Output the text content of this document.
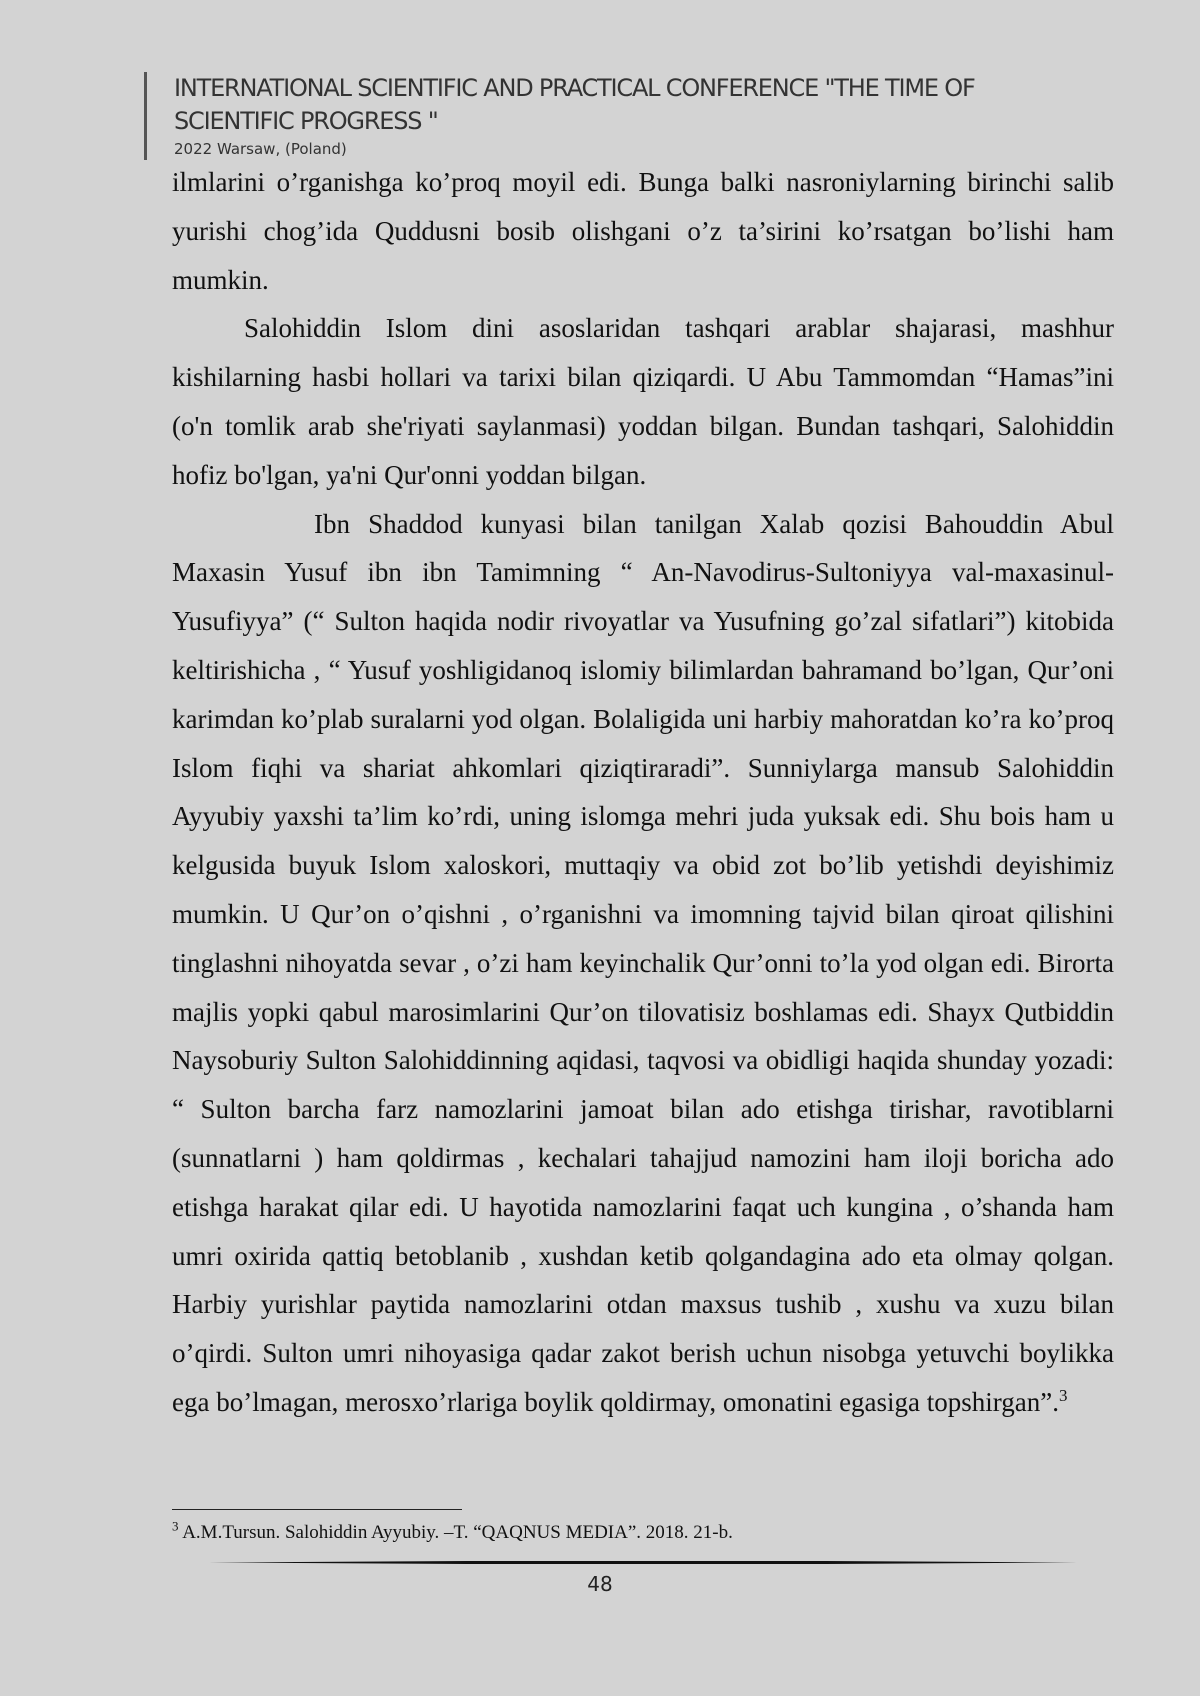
INTERNATIONAL SCIENTIFIC AND PRACTICAL CONFERENCE "THE TIME OF SCIENTIFIC PROGRESS "

2022 Warsaw, (Poland)

ilmlarini o’rganishga ko’proq moyil edi. Bunga balki nasroniylarning birinchi salib yurishi chog’ida Quddusni bosib olishgani o’z ta’sirini ko’rsatgan bo’lishi ham mumkin.

Salohiddin Islom dini asoslaridan tashqari arablar shajarasi, mashhur kishilarning hasbi hollari va tarixi bilan qiziqardi. U Abu Tammomdan “Hamas”ini (o'n tomlik arab she'riyati saylanmasi) yoddan bilgan. Bundan tashqari, Salohiddin hofiz bo'lgan, ya'ni Qur'onni yoddan bilgan.

Ibn Shaddod kunyasi bilan tanilgan Xalab qozisi Bahouddin Abul Maxasin Yusuf ibn ibn Tamimning “ An-Navodirus-Sultoniyya val-maxasinul-Yusufiyya” (“ Sulton haqida nodir rivoyatlar va Yusufning go’zal sifatlari”) kitobida keltirishicha , “ Yusuf yoshligidanoq islomiy bilimlardan bahramand bo’lgan, Qur’oni karimdan ko’plab suralarni yod olgan. Bolaligida uni harbiy mahoratdan ko’ra ko’proq Islom fiqhi va shariat ahkomlari qiziqtiraradi”. Sunniylarga mansub Salohiddin Ayyubiy yaxshi ta’lim ko’rdi, uning islomga mehri juda yuksak edi. Shu bois ham u kelgusida buyuk Islom xaloskori, muttaqiy va obid zot bo’lib yetishdi deyishimiz mumkin. U Qur’on o’qishni , o’rganishni va imomning tajvid bilan qiroat qilishini tinglashni nihoyatda sevar , o’zi ham keyinchalik Qur’onni to’la yod olgan edi. Birorta majlis yopki qabul marosimlarini Qur’on tilovatisiz boshlamas edi. Shayx Qutbiddin Naysoburiy Sulton Salohiddinning aqidasi, taqvosi va obidligi haqida shunday yozadi: “ Sulton barcha farz namozlarini jamoat bilan ado etishga tirishar, ravotiblarni (sunnatlarni ) ham qoldirmas , kechalari tahajjud namozini ham iloji boricha ado etishga harakat qilar edi. U hayotida namozlarini faqat uch kungina , o’shanda ham umri oxirida qattiq betoblanib , xushdan ketib qolgandagina ado eta olmay qolgan. Harbiy yurishlar paytida namozlarini otdan maxsus tushib , xushu va xuzu bilan o’qirdi. Sulton umri nihoyasiga qadar zakot berish uchun nisobga yetuvchi boylikka ega bo’lmagan, merosxo’rlariga boylik qoldirmay, omonatini egasiga topshirgan”.$^3$

$^3$ A.M.Tursun. Salohiddin Ayyubiy. –T. “QAQNUS MEDIA”. 2018. 21-b.
48
